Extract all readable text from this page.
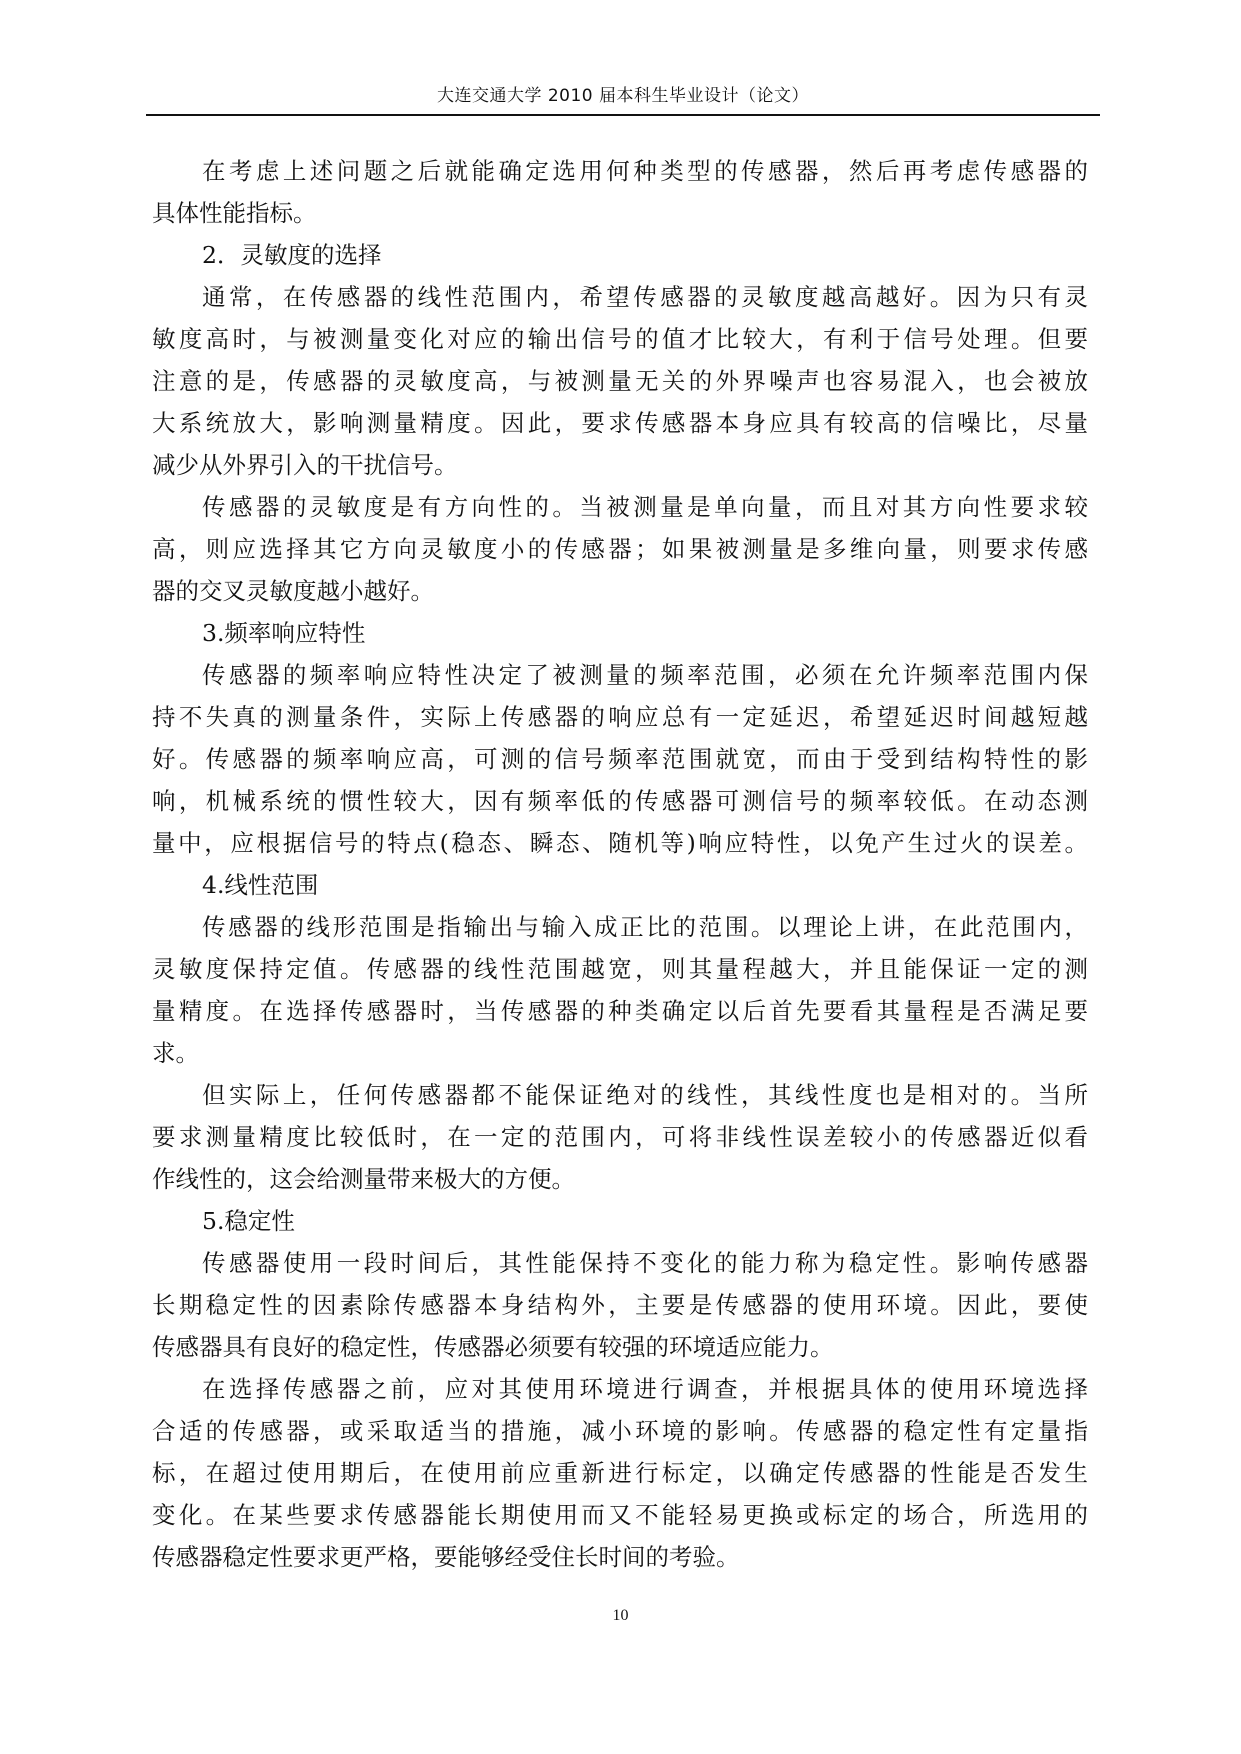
大连交通大学 2010 届本科生毕业设计（论文）
在考虑上述问题之后就能确定选用何种类型的传感器，然后再考虑传感器的
具体性能指标。
2．灵敏度的选择
通常，在传感器的线性范围内，希望传感器的灵敏度越高越好。因为只有灵
敏度高时，与被测量变化对应的输出信号的值才比较大，有利于信号处理。但要
注意的是，传感器的灵敏度高，与被测量无关的外界噪声也容易混入，也会被放
大系统放大，影响测量精度。因此，要求传感器本身应具有较高的信噪比，尽量
减少从外界引入的干扰信号。
传感器的灵敏度是有方向性的。当被测量是单向量，而且对其方向性要求较
高，则应选择其它方向灵敏度小的传感器；如果被测量是多维向量，则要求传感
器的交叉灵敏度越小越好。
3.频率响应特性
传感器的频率响应特性决定了被测量的频率范围，必须在允许频率范围内保
持不失真的测量条件，实际上传感器的响应总有一定延迟，希望延迟时间越短越
好。传感器的频率响应高，可测的信号频率范围就宽，而由于受到结构特性的影
响，机械系统的惯性较大，因有频率低的传感器可测信号的频率较低。在动态测
量中，应根据信号的特点(稳态、瞬态、随机等)响应特性，以免产生过火的误差。
4.线性范围
传感器的线形范围是指输出与输入成正比的范围。以理论上讲，在此范围内，
灵敏度保持定值。传感器的线性范围越宽，则其量程越大，并且能保证一定的测
量精度。在选择传感器时，当传感器的种类确定以后首先要看其量程是否满足要
求。
但实际上，任何传感器都不能保证绝对的线性，其线性度也是相对的。当所
要求测量精度比较低时，在一定的范围内，可将非线性误差较小的传感器近似看
作线性的，这会给测量带来极大的方便。
5.稳定性
传感器使用一段时间后，其性能保持不变化的能力称为稳定性。影响传感器
长期稳定性的因素除传感器本身结构外，主要是传感器的使用环境。因此，要使
传感器具有良好的稳定性，传感器必须要有较强的环境适应能力。
在选择传感器之前，应对其使用环境进行调查，并根据具体的使用环境选择
合适的传感器，或采取适当的措施，减小环境的影响。传感器的稳定性有定量指
标，在超过使用期后，在使用前应重新进行标定，以确定传感器的性能是否发生
变化。在某些要求传感器能长期使用而又不能轻易更换或标定的场合，所选用的
传感器稳定性要求更严格，要能够经受住长时间的考验。
10
